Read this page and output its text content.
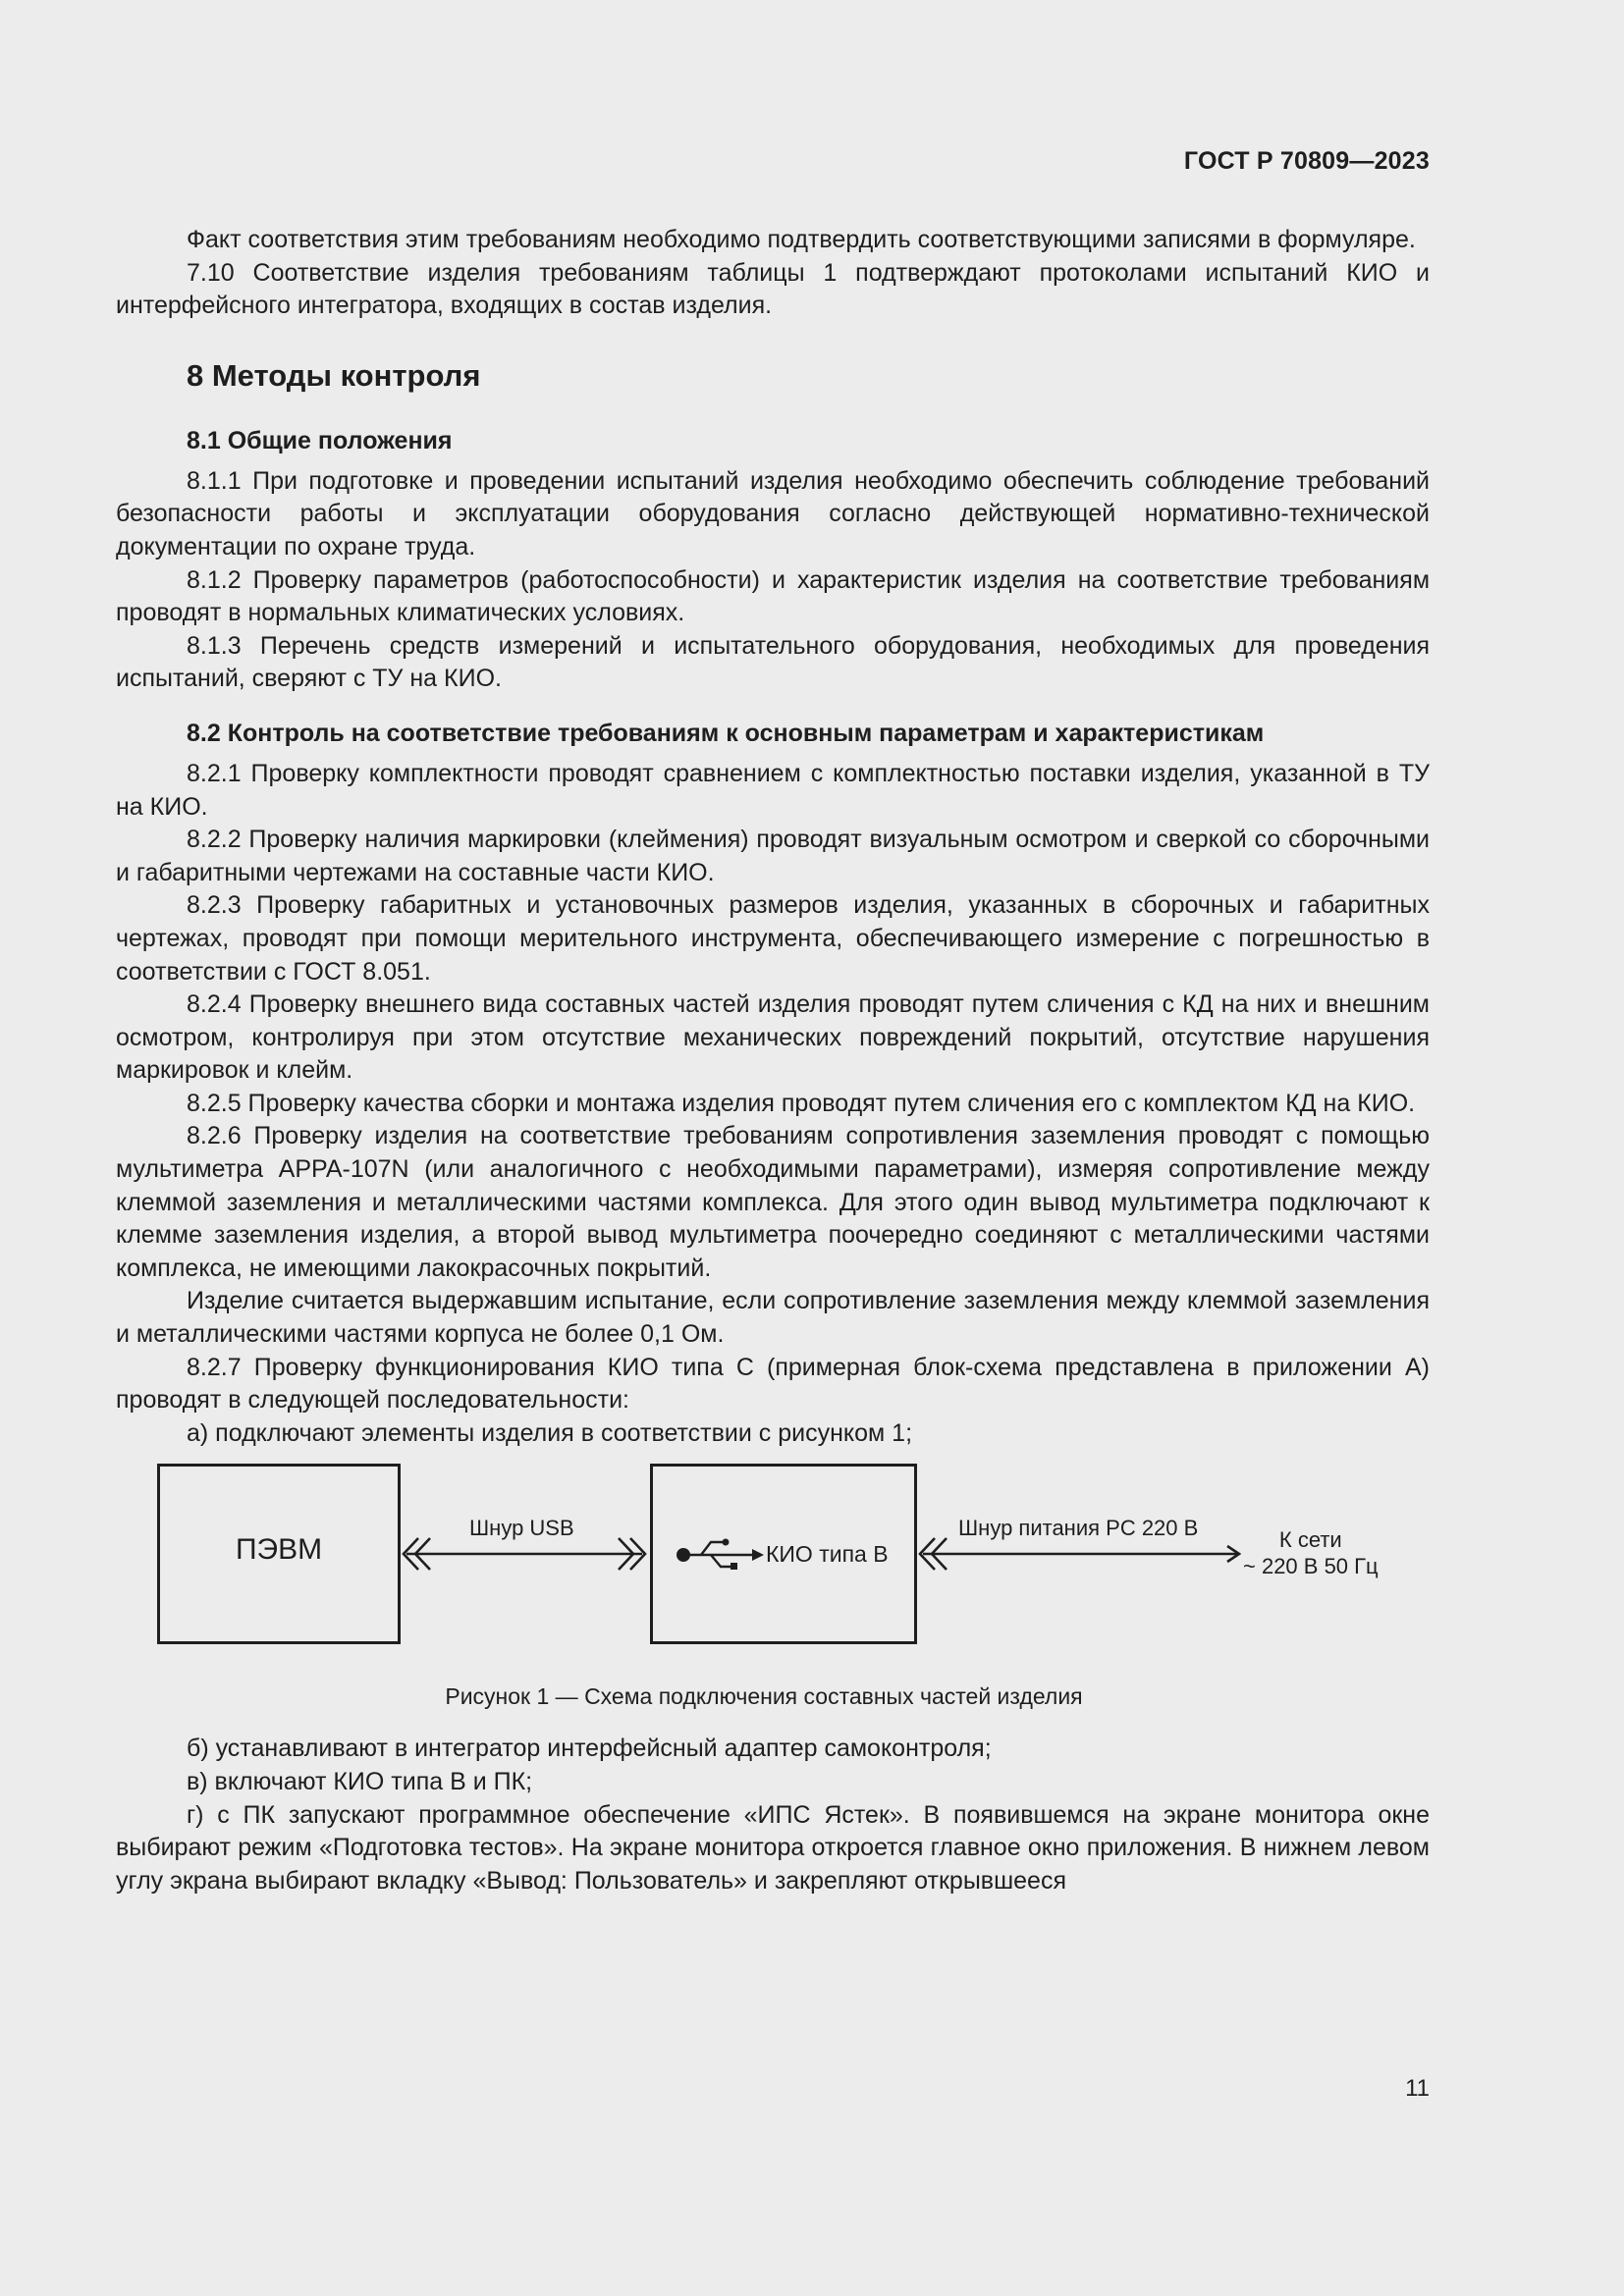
ГОСТ Р 70809—2023

Факт соответствия этим требованиям необходимо подтвердить соответствующими записями в формуляре.

7.10 Соответствие изделия требованиям таблицы 1 подтверждают протоколами испытаний КИО и интерфейсного интегратора, входящих в состав изделия.

8 Методы контроля
8.1 Общие положения

8.1.1 При подготовке и проведении испытаний изделия необходимо обеспечить соблюдение требований безопасности работы и эксплуатации оборудования согласно действующей нормативно-технической документации по охране труда.

8.1.2 Проверку параметров (работоспособности) и характеристик изделия на соответствие требованиям проводят в нормальных климатических условиях.

8.1.3 Перечень средств измерений и испытательного оборудования, необходимых для проведения испытаний, сверяют с ТУ на КИО.

8.2 Контроль на соответствие требованиям к основным параметрам и характеристикам

8.2.1 Проверку комплектности проводят сравнением с комплектностью поставки изделия, указанной в ТУ на КИО.

8.2.2 Проверку наличия маркировки (клеймения) проводят визуальным осмотром и сверкой со сборочными и габаритными чертежами на составные части КИО.

8.2.3 Проверку габаритных и установочных размеров изделия, указанных в сборочных и габаритных чертежах, проводят при помощи мерительного инструмента, обеспечивающего измерение с погрешностью в соответствии с ГОСТ 8.051.

8.2.4 Проверку внешнего вида составных частей изделия проводят путем сличения с КД на них и внешним осмотром, контролируя при этом отсутствие механических повреждений покрытий, отсутствие нарушения маркировок и клейм.

8.2.5 Проверку качества сборки и монтажа изделия проводят путем сличения его с комплектом КД на КИО.

8.2.6 Проверку изделия на соответствие требованиям сопротивления заземления проводят с помощью мультиметра APPA-107N (или аналогичного с необходимыми параметрами), измеряя сопротивление между клеммой заземления и металлическими частями комплекса. Для этого один вывод мультиметра подключают к клемме заземления изделия, а второй вывод мультиметра поочередно соединяют с металлическими частями комплекса, не имеющими лакокрасочных покрытий.

Изделие считается выдержавшим испытание, если сопротивление заземления между клеммой заземления и металлическими частями корпуса не более 0,1 Ом.

8.2.7 Проверку функционирования КИО типа С (примерная блок-схема представлена в приложении А) проводят в следующей последовательности:

а) подключают элементы изделия в соответствии с рисунком 1;

ПЭВМ	КИО типа В
Шнур USB	Шнур питания PC 220 В	К сети
~ 220 В 50 Гц
Рисунок 1 — Схема подключения составных частей изделия

б) устанавливают в интегратор интерфейсный адаптер самоконтроля;

в) включают КИО типа В и ПК;

г) с ПК запускают программное обеспечение «ИПС Ястек». В появившемся на экране монитора окне выбирают режим «Подготовка тестов». На экране монитора откроется главное окно приложения. В нижнем левом углу экрана выбирают вкладку «Вывод: Пользователь» и закрепляют открывшееся

11
